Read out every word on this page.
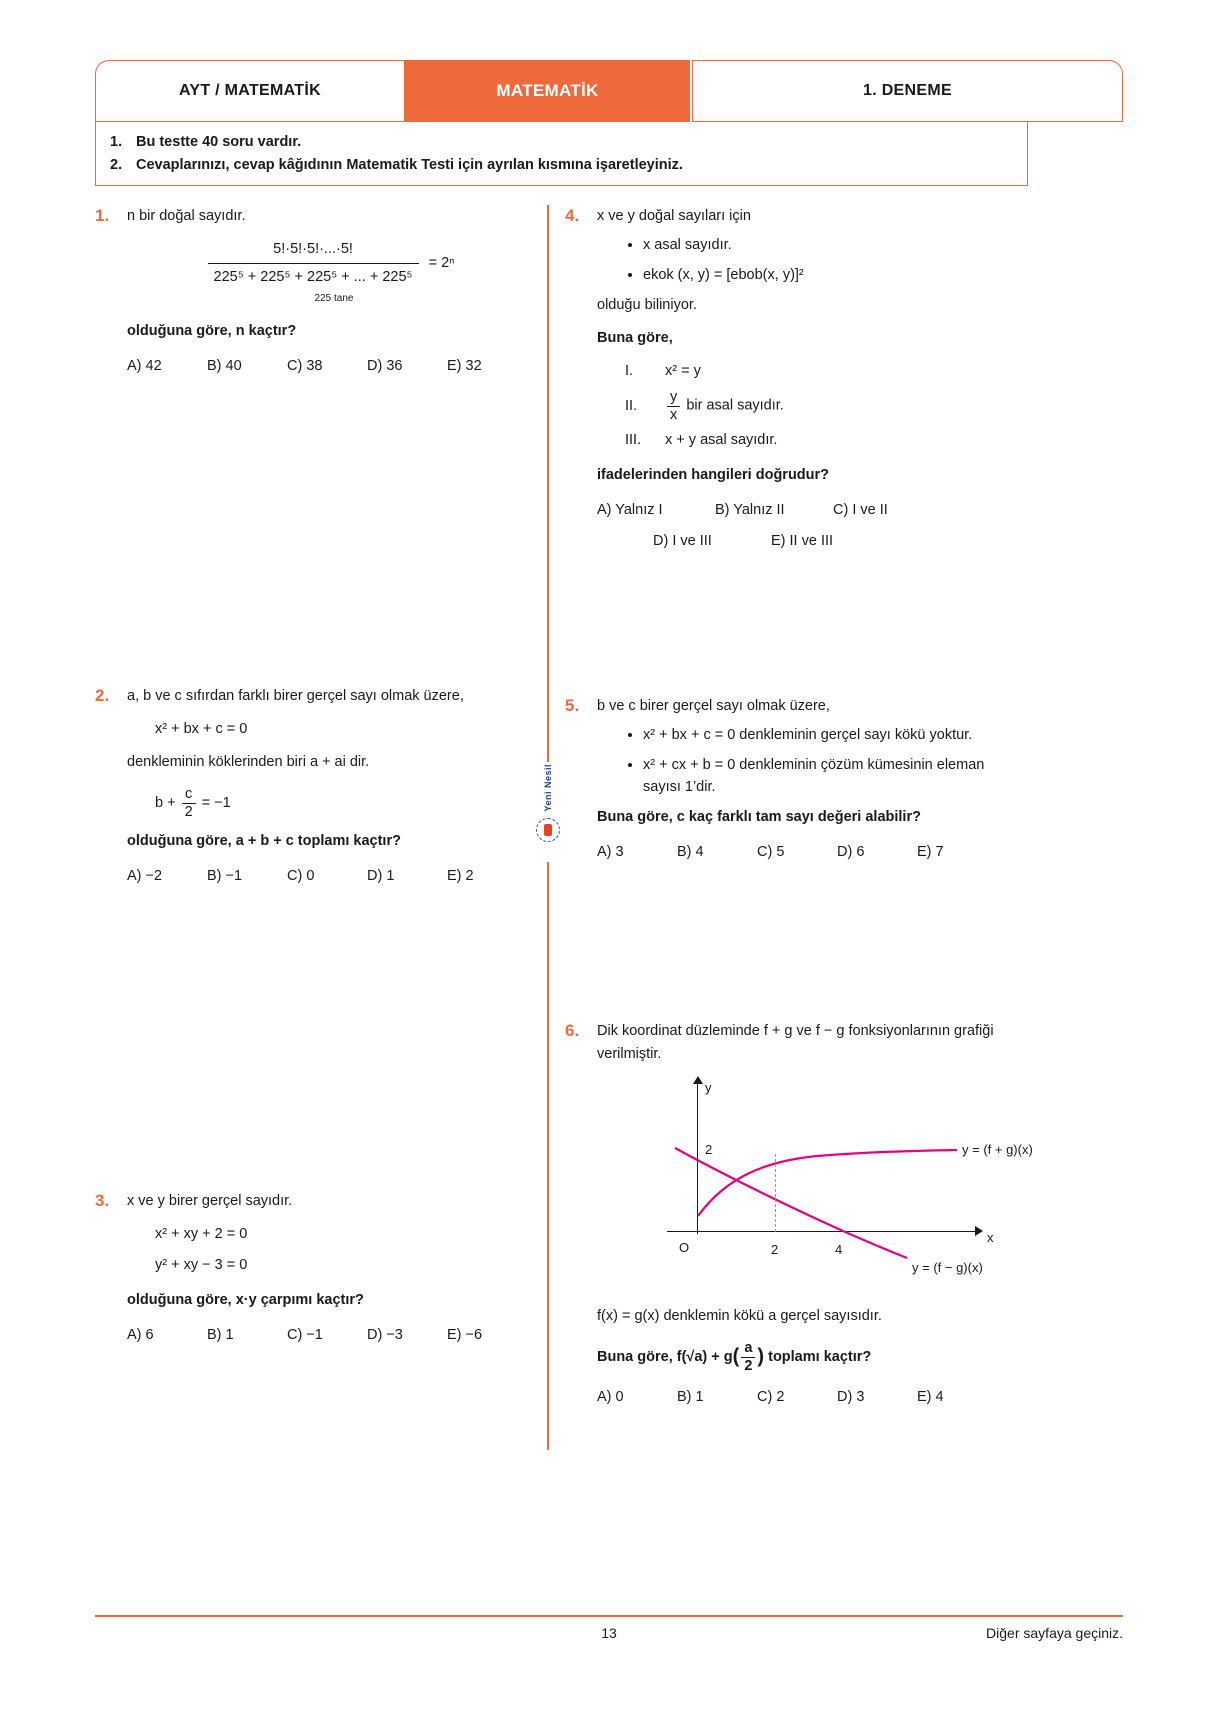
AYT / MATEMATİK	MATEMATİK	1. DENEME
1. Bu testte 40 soru vardır.
2. Cevaplarınızı, cevap kâğıdının Matematik Testi için ayrılan kısmına işaretleyiniz.
Yeni Nesil
1.	n bir doğal sayıdır.

$\frac{5!\cdot 5!\cdot 5!\cdot...\cdot 5!}{\text{225⁵ + 225⁵ + 225⁵ + ... + 225⁵}} = 2^n$
225 tane

olduğuna göre, n kaçtır?

A) 42	B) 40	C) 38	D) 36	E) 32
2.	a, b ve c sıfırdan farklı birer gerçel sayı olmak üzere,

x² + bx + c = 0

denkleminin köklerinden biri a + ai dir.

$b + \frac{c}{2} = -1$

olduğuna göre, a + b + c toplamı kaçtır?

A) −2	B) −1	C) 0	D) 1	E) 2
3.	x ve y birer gerçel sayıdır.

x² + xy + 2 = 0

y² + xy − 3 = 0

olduğuna göre, x·y çarpımı kaçtır?

A) 6	B) 1	C) −1	D) −3	E) −6
4.	x ve y doğal sayıları için

• x asal sayıdır.
• ekok (x, y) = [ebob(x, y)]²

olduğu biliniyor.

Buna göre,

I. x² = y

II. $\frac{y}{x}$ bir asal sayıdır.

III. x + y asal sayıdır.

ifadelerinden hangileri doğrudur?

A) Yalnız I	B) Yalnız II	C) I ve II
D) I ve III	E) II ve III
5.	b ve c birer gerçel sayı olmak üzere,

• x² + bx + c = 0 denkleminin gerçel sayı kökü yoktur.
• x² + cx + b = 0 denkleminin çözüm kümesinin eleman sayısı 1’dir.

Buna göre, c kaç farklı tam sayı değeri alabilir?

A) 3	B) 4	C) 5	D) 6	E) 7
6.	Dik koordinat düzleminde f + g ve f − g fonksiyonlarının grafiği verilmiştir.

y
x
O
2
2	4
y = (f + g)(x)
y = (f − g)(x)

f(x) = g(x) denklemin kökü a gerçel sayısıdır.

Buna göre, $f(√a) + g( \frac{a}{2}$ ) toplamı kaçtır?

A) 0	B) 1	C) 2	D) 3	E) 4
13	Diğer sayfaya geçiniz.
